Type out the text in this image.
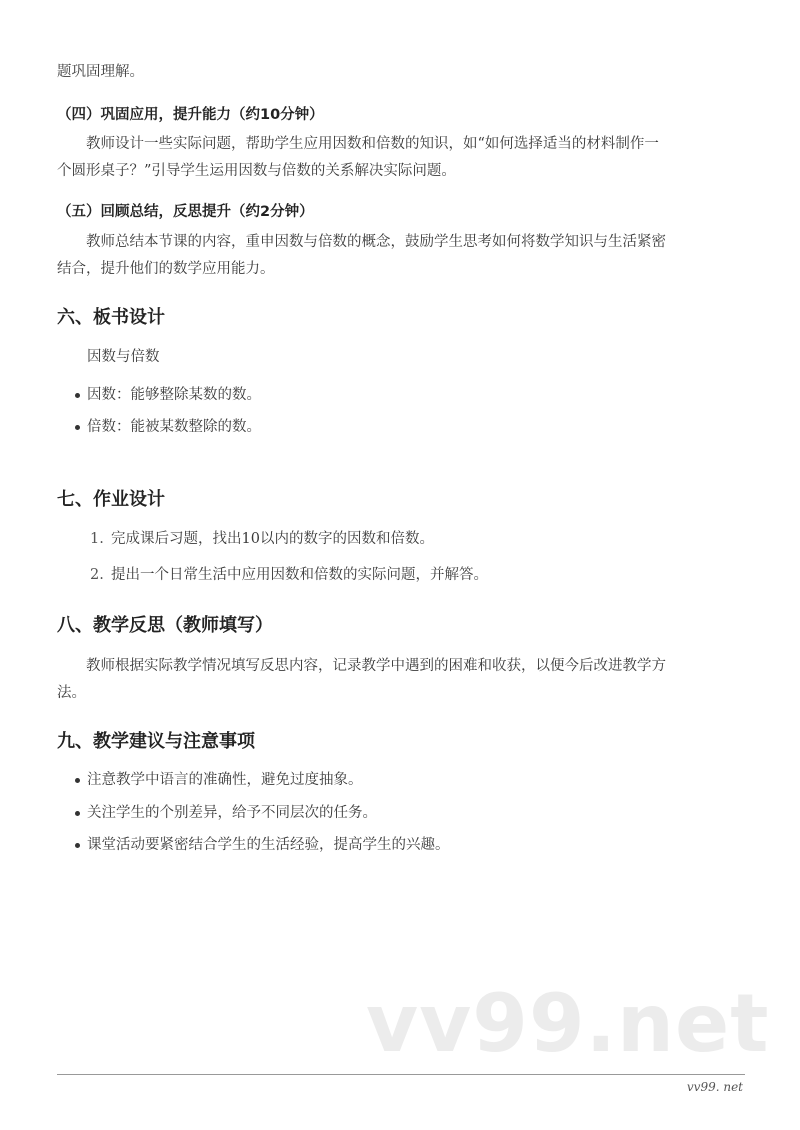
题巩固理解。

（四）巩固应用，提升能力（约10分钟）

教师设计一些实际问题，帮助学生应用因数和倍数的知识，如“如何选择适当的材料制作一

个圆形桌子？”引导学生运用因数与倍数的关系解决实际问题。

（五）回顾总结，反思提升（约2分钟）

教师总结本节课的内容，重申因数与倍数的概念，鼓励学生思考如何将数学知识与生活紧密

结合，提升他们的数学应用能力。

六、板书设计
因数与倍数
因数：能够整除某数的数。
倍数：能被某数整除的数。
七、作业设计
1. 完成课后习题，找出10以内的数字的因数和倍数。
2. 提出一个日常生活中应用因数和倍数的实际问题，并解答。
八、教学反思（教师填写）

教师根据实际教学情况填写反思内容，记录教学中遇到的困难和收获，以便今后改进教学方

法。

九、教学建议与注意事项
注意教学中语言的准确性，避免过度抽象。
关注学生的个别差异，给予不同层次的任务。
课堂活动要紧密结合学生的生活经验，提高学生的兴趣。
vv99.net
vv99. net
